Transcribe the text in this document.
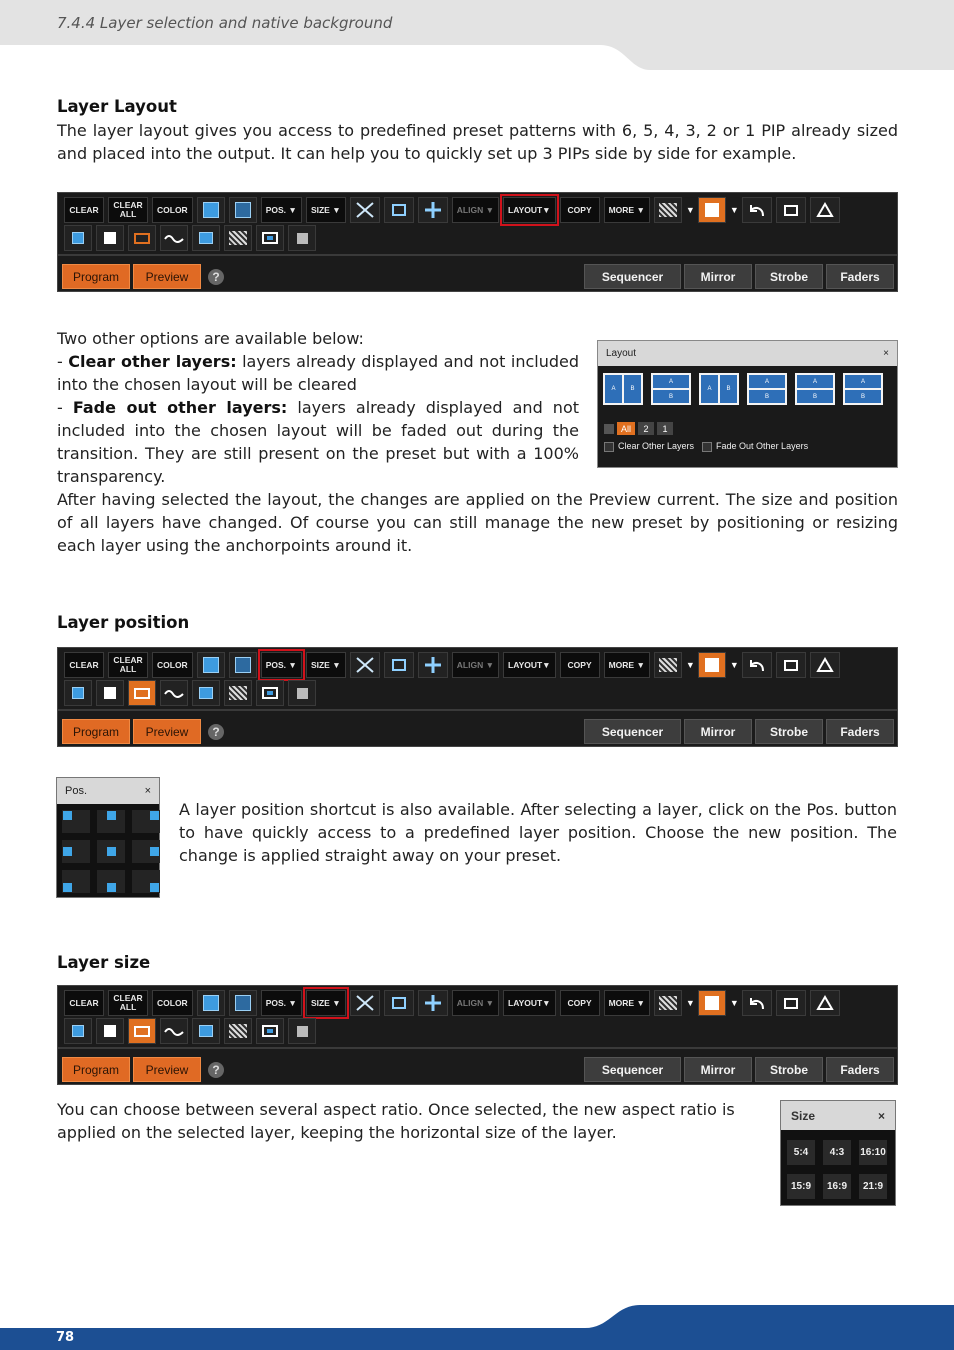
7.4.4 Layer selection and native background
Layer Layout
The layer layout gives you access to predefined preset patterns with 6, 5, 4, 3, 2 or 1 PIP already sized and placed into the output. It can help you to quickly set up 3 PIPs side by side for example.
CLEAR	CLEAR
ALL	COLOR	POS. ▼	SIZE ▼	ALIGN ▼	LAYOUT▼	COPY	MORE ▼	▼	▼
Program	Preview	?	Sequencer	Mirror	Strobe	Faders
Two other options are available below:
- Clear other layers: layers already displayed and not included into the chosen layout will be cleared
- Fade out other layers: layers already displayed and not included into the chosen layout will be faded out during the transition. They are still present on the preset but with a 100% transparency.
Layout	×
A	B
A
B
A	B
A
B
A
B
A
B
All	2	1
Clear Other Layers	Fade Out Other Layers
After having selected the layout, the changes are applied on the Preview current. The size and position of all layers have changed. Of course you can still manage the new preset by positioning or resizing each layer using the anchorpoints around it.
Layer position
CLEAR	CLEAR
ALL	COLOR	POS. ▼	SIZE ▼	ALIGN ▼	LAYOUT▼	COPY	MORE ▼	▼	▼
Program	Preview	?	Sequencer	Mirror	Strobe	Faders
Pos.	×
A layer position shortcut is also available. After selecting a layer, click on the Pos. button to have quickly access to a predefined layer position. Choose the new position. The change is applied straight away on your preset.
Layer size
CLEAR	CLEAR
ALL	COLOR	POS. ▼	SIZE ▼	ALIGN ▼	LAYOUT▼	COPY	MORE ▼	▼	▼
Program	Preview	?	Sequencer	Mirror	Strobe	Faders
You can choose between several aspect ratio. Once selected, the new aspect ratio is applied on the selected layer, keeping the horizontal size of the layer.
Size	×
5:4	4:3	16:10
15:9	16:9	21:9
78
